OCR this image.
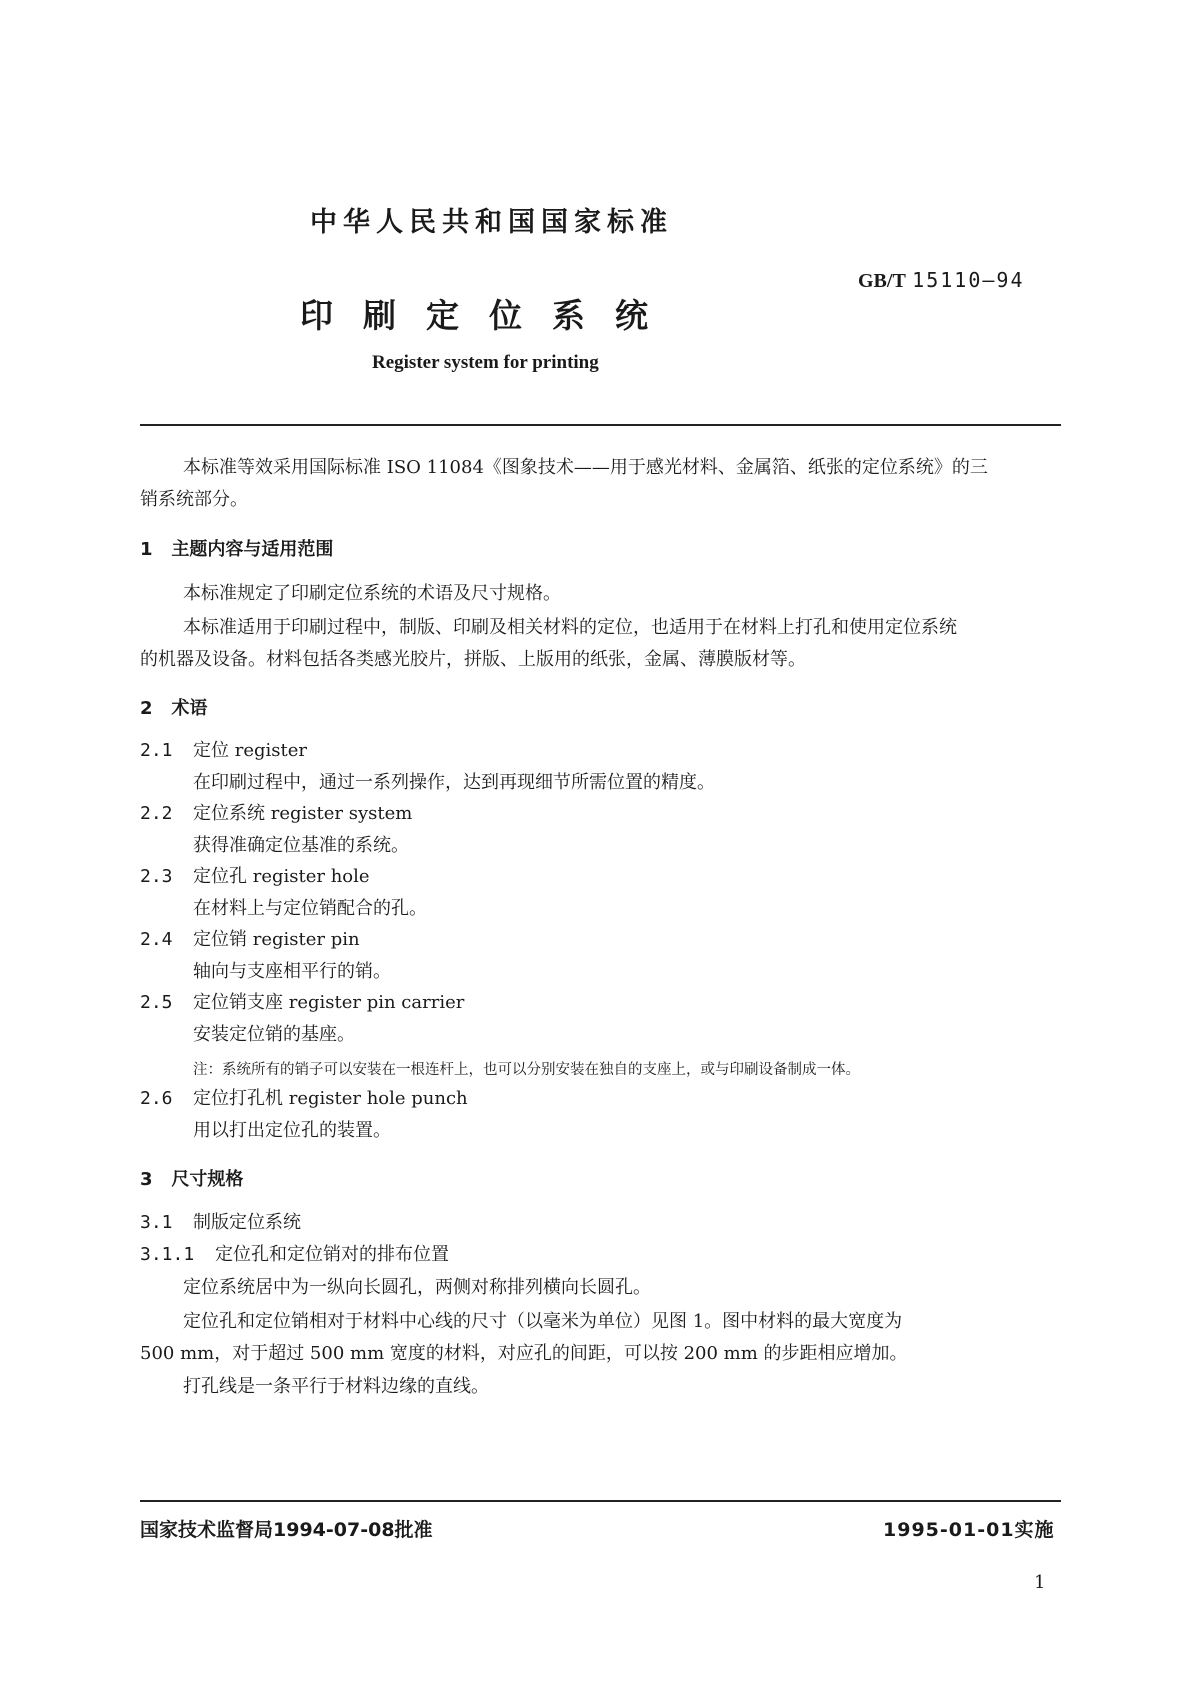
中华人民共和国国家标准
GB/T 15110—94
印刷定位系统
Register system for printing
本标准等效采用国际标准 ISO 11084《图象技术——用于感光材料、金属箔、纸张的定位系统》的三
销系统部分。
1 主题内容与适用范围
本标准规定了印刷定位系统的术语及尺寸规格。
本标准适用于印刷过程中，制版、印刷及相关材料的定位，也适用于在材料上打孔和使用定位系统
的机器及设备。材料包括各类感光胶片，拼版、上版用的纸张，金属、薄膜版材等。
2 术语
2.1 定位 register
在印刷过程中，通过一系列操作，达到再现细节所需位置的精度。
2.2 定位系统 register system
获得准确定位基准的系统。
2.3 定位孔 register hole
在材料上与定位销配合的孔。
2.4 定位销 register pin
轴向与支座相平行的销。
2.5 定位销支座 register pin carrier
安装定位销的基座。
注：系统所有的销子可以安装在一根连杆上，也可以分别安装在独自的支座上，或与印刷设备制成一体。
2.6 定位打孔机 register hole punch
用以打出定位孔的装置。
3 尺寸规格
3.1 制版定位系统
3.1.1 定位孔和定位销对的排布位置
定位系统居中为一纵向长圆孔，两侧对称排列横向长圆孔。
定位孔和定位销相对于材料中心线的尺寸（以毫米为单位）见图 1。图中材料的最大宽度为
500 mm，对于超过 500 mm 宽度的材料，对应孔的间距，可以按 200 mm 的步距相应增加。
打孔线是一条平行于材料边缘的直线。
国家技术监督局1994-07-08批准	1995-01-01实施
1
